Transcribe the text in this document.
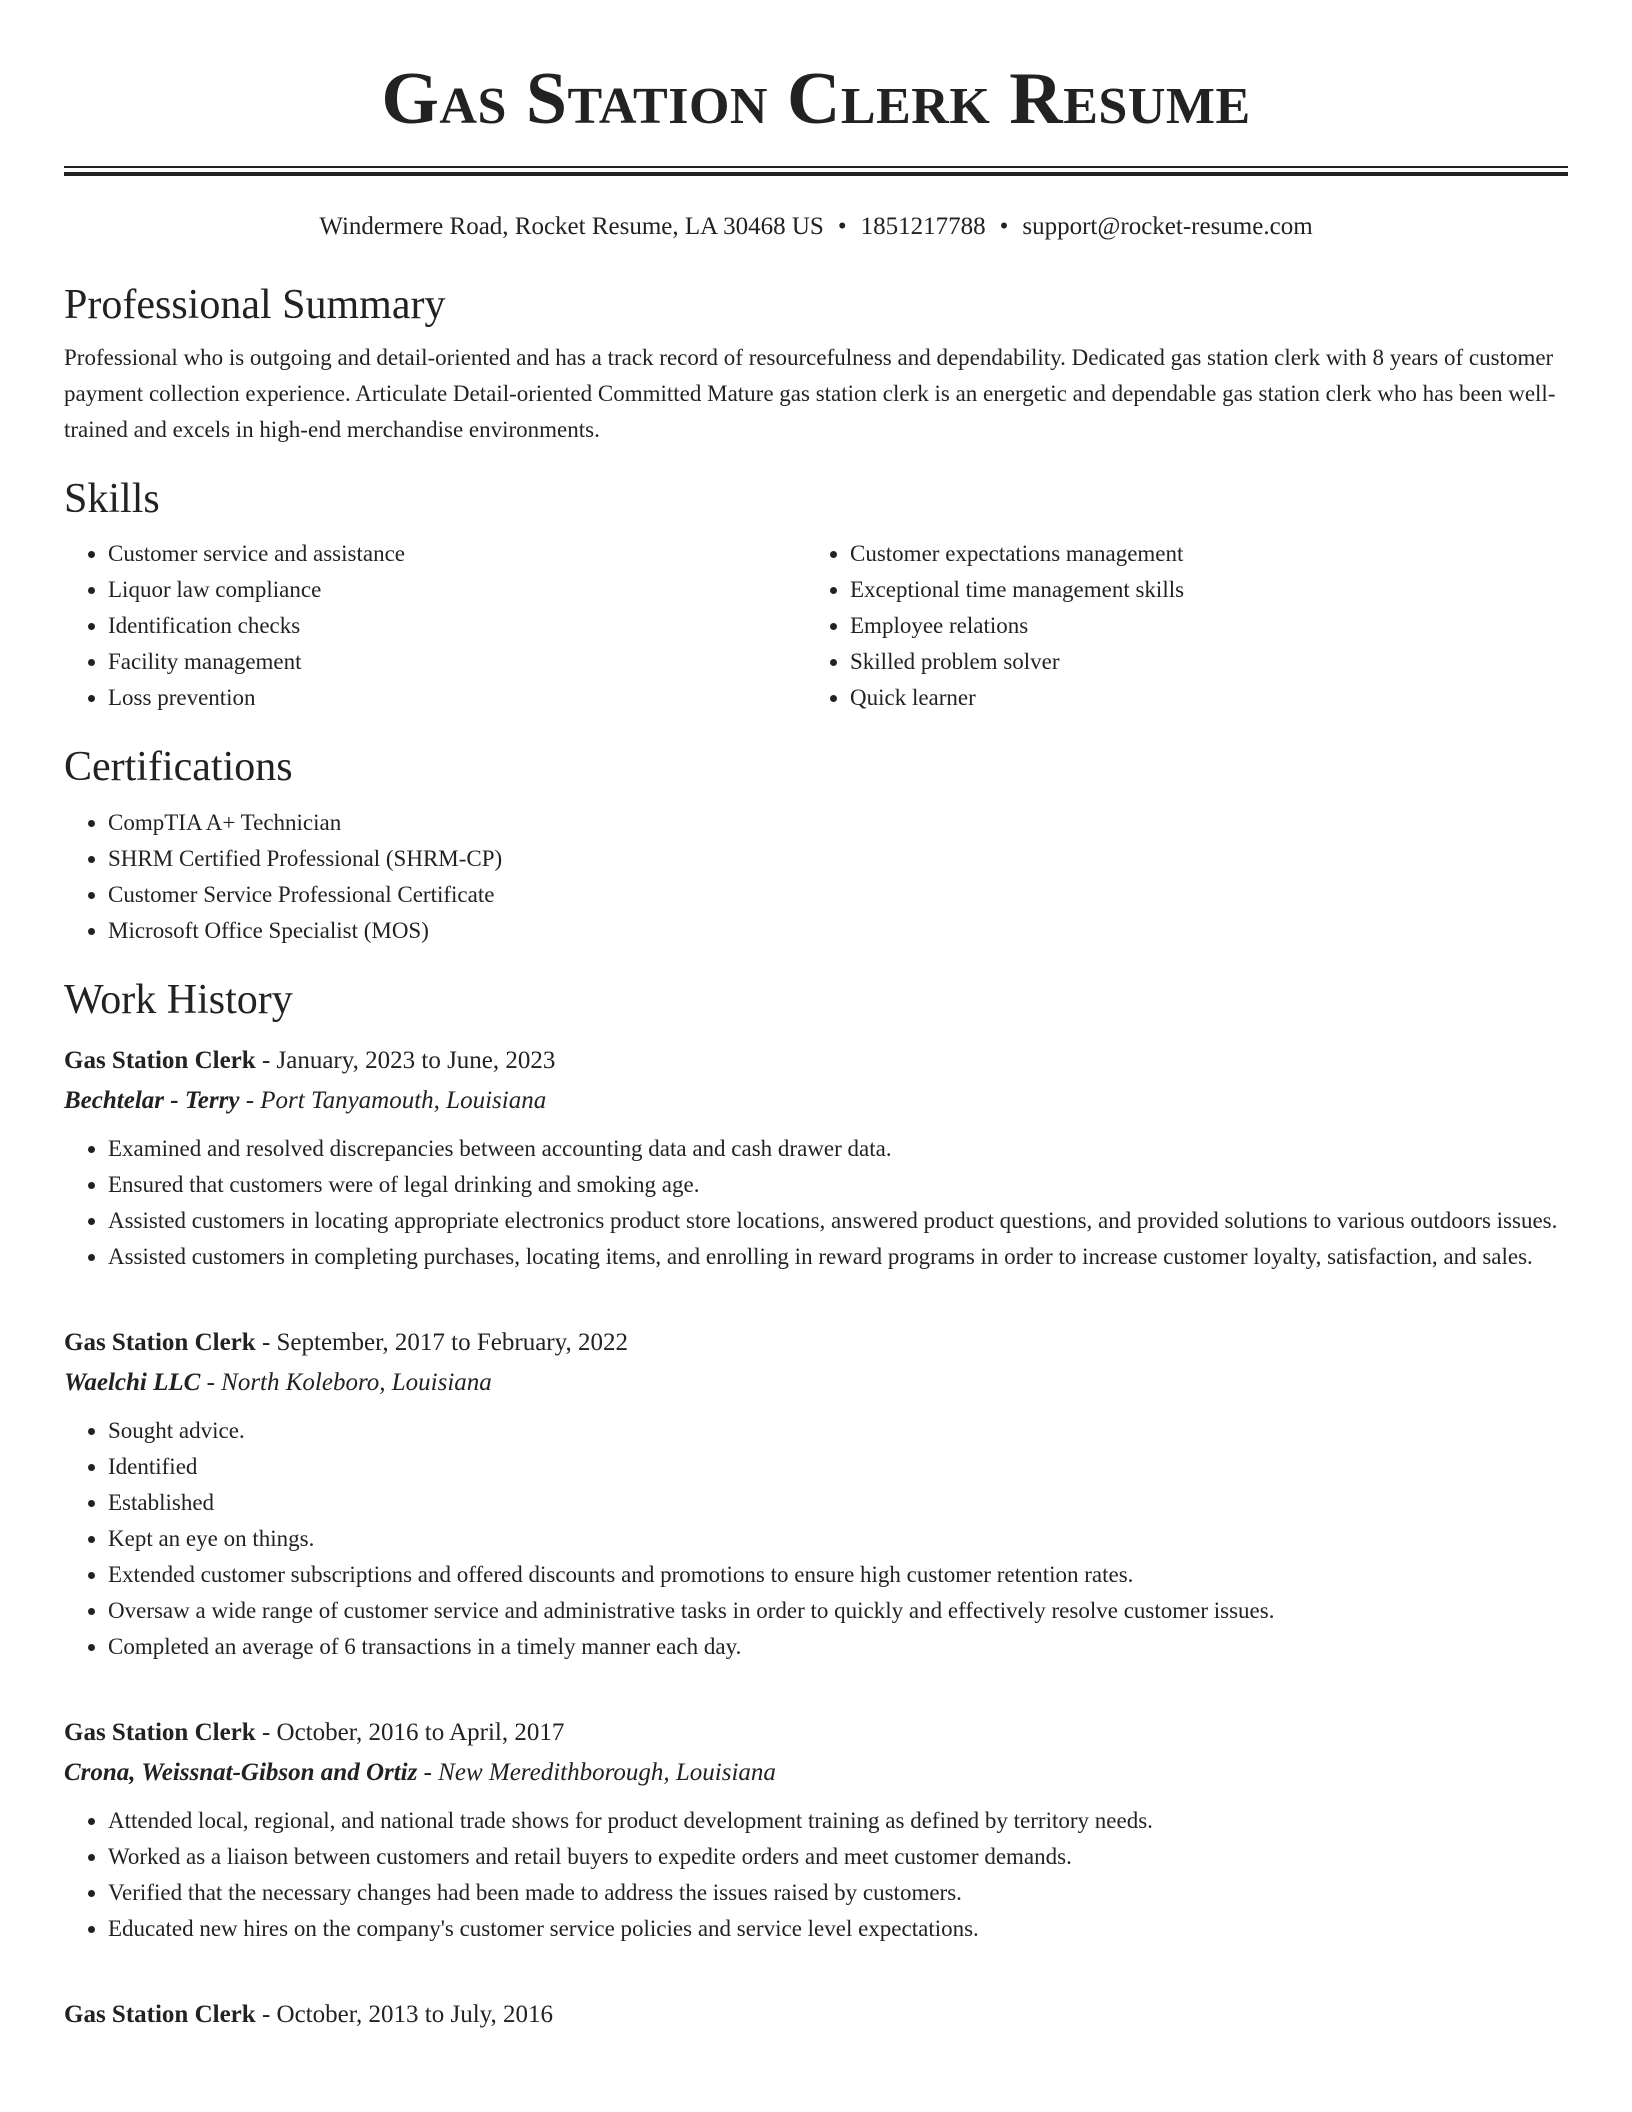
Gas Station Clerk Resume
Windermere Road, Rocket Resume, LA 30468 US • 1851217788 • support@rocket-resume.com
Professional Summary

Professional who is outgoing and detail-oriented and has a track record of resourcefulness and dependability. Dedicated gas station clerk with 8 years of customer payment collection experience. Articulate Detail-oriented Committed Mature gas station clerk is an energetic and dependable gas station clerk who has been well-trained and excels in high-end merchandise environments.

Skills
• Customer service and assistance
• Liquor law compliance
• Identification checks
• Facility management
• Loss prevention
• Customer expectations management
• Exceptional time management skills
• Employee relations
• Skilled problem solver
• Quick learner
Certifications
• CompTIA A+ Technician
• SHRM Certified Professional (SHRM-CP)
• Customer Service Professional Certificate
• Microsoft Office Specialist (MOS)
Work History
Gas Station Clerk - January, 2023 to June, 2023
Bechtelar - Terry - Port Tanyamouth, Louisiana
• Examined and resolved discrepancies between accounting data and cash drawer data.
• Ensured that customers were of legal drinking and smoking age.
• Assisted customers in locating appropriate electronics product store locations, answered product questions, and provided solutions to various outdoors issues.
• Assisted customers in completing purchases, locating items, and enrolling in reward programs in order to increase customer loyalty, satisfaction, and sales.
Gas Station Clerk - September, 2017 to February, 2022
Waelchi LLC - North Koleboro, Louisiana
• Sought advice.
• Identified
• Established
• Kept an eye on things.
• Extended customer subscriptions and offered discounts and promotions to ensure high customer retention rates.
• Oversaw a wide range of customer service and administrative tasks in order to quickly and effectively resolve customer issues.
• Completed an average of 6 transactions in a timely manner each day.
Gas Station Clerk - October, 2016 to April, 2017
Crona, Weissnat-Gibson and Ortiz - New Meredithborough, Louisiana
• Attended local, regional, and national trade shows for product development training as defined by territory needs.
• Worked as a liaison between customers and retail buyers to expedite orders and meet customer demands.
• Verified that the necessary changes had been made to address the issues raised by customers.
• Educated new hires on the company's customer service policies and service level expectations.
Gas Station Clerk - October, 2013 to July, 2016
